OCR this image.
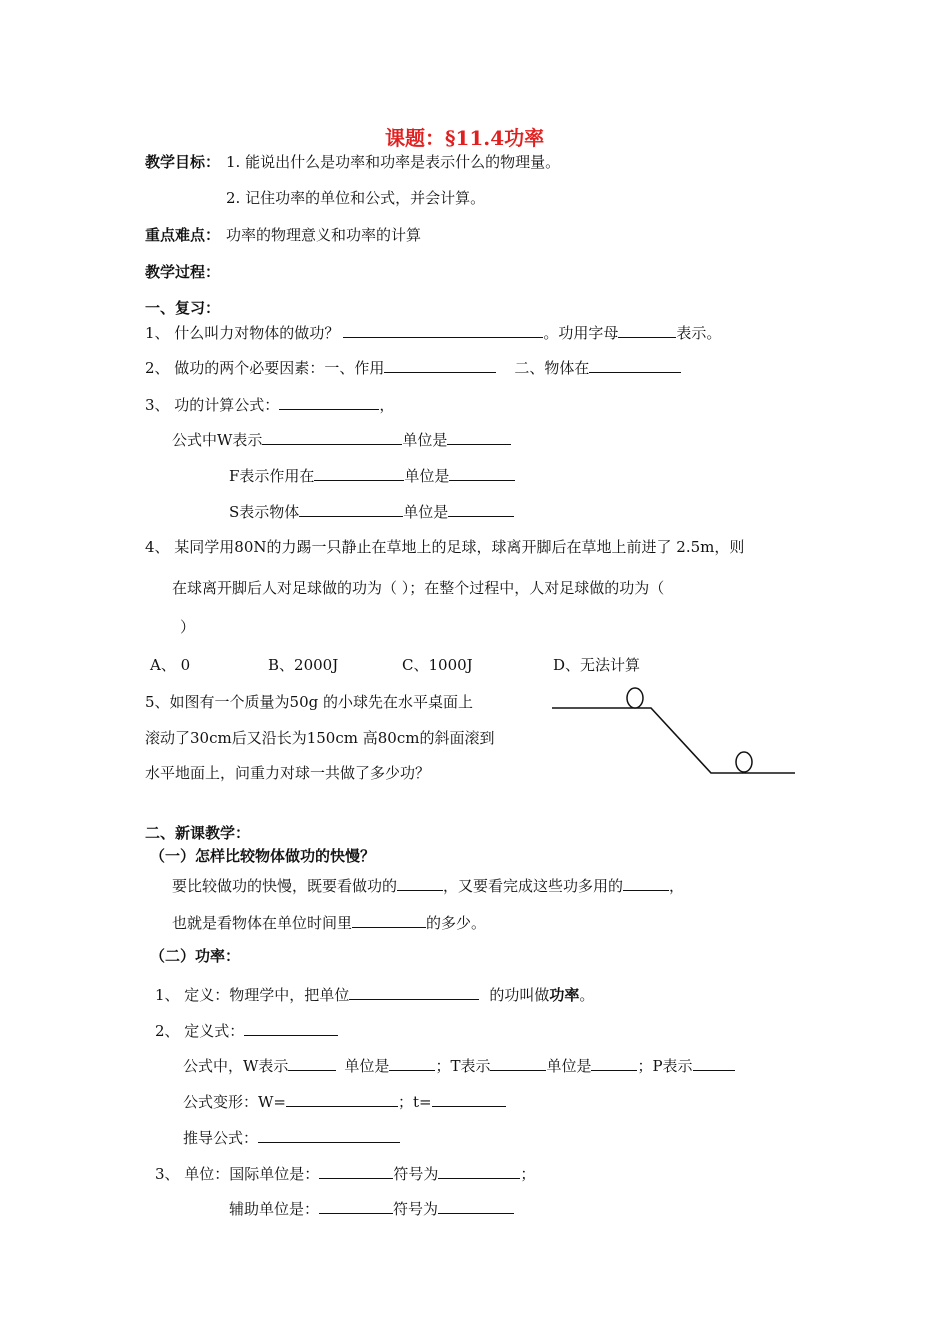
课题：§11.4功率
教学目标： 1. 能说出什么是功率和功率是表示什么的物理量。
2. 记住功率的单位和公式，并会计算。
重点难点： 功率的物理意义和功率的计算
教学过程：
一、复习：
1、 什么叫力对物体的做功？	。功用字母	表示。
2、 做功的两个必要因素：一、作用	二、物体在
3、 功的计算公式：	，
公式中W表示	单位是
F表示作用在	单位是
S表示物体	单位是
4、 某同学用80N的力踢一只静止在草地上的足球，球离开脚后在草地上前进了 2.5m，则
在球离开脚后人对足球做的功为（ ）；在整个过程中，人对足球做的功为（
）
A、 0	B、2000J	C、1000J	D、无法计算
5、如图有一个质量为50g 的小球先在水平桌面上
滚动了30cm后又沿长为150cm 高80cm的斜面滚到
水平地面上，问重力对球一共做了多少功？
二、新课教学：
（一）怎样比较物体做功的快慢？
要比较做功的快慢，既要看做功的	，又要看完成这些功多用的	，
也就是看物体在单位时间里	的多少。
（二）功率：
1、 定义：物理学中，把单位	的功叫做功率。
2、 定义式：
公式中，W表示	单位是	；T表示	单位是	；P表示
公式变形：W=	；t=
推导公式：
3、 单位：国际单位是：	符号为	；
辅助单位是：	符号为
